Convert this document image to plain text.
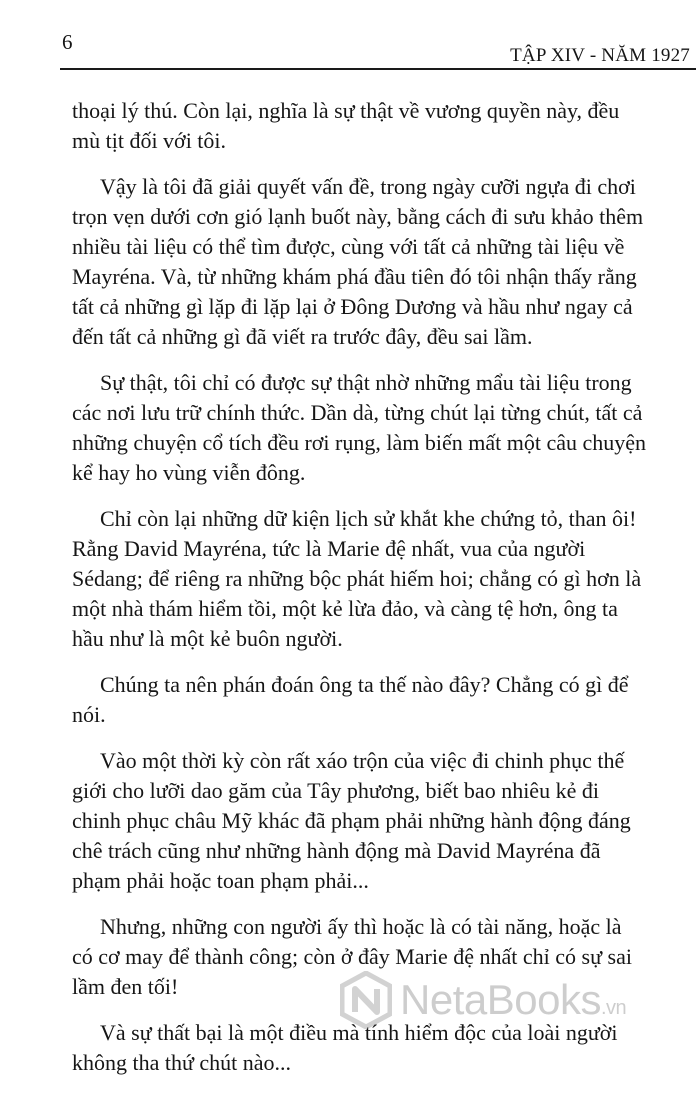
6
TẬP XIV - NĂM 1927

thoại lý thú. Còn lại, nghĩa là sự thật về vương quyền này, đều
mù tịt đối với tôi.

Vậy là tôi đã giải quyết vấn đề, trong ngày cưỡi ngựa đi chơi
trọn vẹn dưới cơn gió lạnh buốt này, bằng cách đi sưu khảo thêm
nhiều tài liệu có thể tìm được, cùng với tất cả những tài liệu về
Mayréna. Và, từ những khám phá đầu tiên đó tôi nhận thấy rằng
tất cả những gì lặp đi lặp lại ở Đông Dương và hầu như ngay cả
đến tất cả những gì đã viết ra trước đây, đều sai lầm.

Sự thật, tôi chỉ có được sự thật nhờ những mẩu tài liệu trong
các nơi lưu trữ chính thức. Dần dà, từng chút lại từng chút, tất cả
những chuyện cổ tích đều rơi rụng, làm biến mất một câu chuyện
kể hay ho vùng viễn đông.

Chỉ còn lại những dữ kiện lịch sử khắt khe chứng tỏ, than ôi!
Rằng David Mayréna, tức là Marie đệ nhất, vua của người
Sédang; để riêng ra những bộc phát hiếm hoi; chẳng có gì hơn là
một nhà thám hiểm tồi, một kẻ lừa đảo, và càng tệ hơn, ông ta
hầu như là một kẻ buôn người.

Chúng ta nên phán đoán ông ta thế nào đây? Chẳng có gì để
nói.

Vào một thời kỳ còn rất xáo trộn của việc đi chinh phục thế
giới cho lưỡi dao găm của Tây phương, biết bao nhiêu kẻ đi
chinh phục châu Mỹ khác đã phạm phải những hành động đáng
chê trách cũng như những hành động mà David Mayréna đã
phạm phải hoặc toan phạm phải...

Nhưng, những con người ấy thì hoặc là có tài năng, hoặc là
có cơ may để thành công; còn ở đây Marie đệ nhất chỉ có sự sai
lầm đen tối!

Và sự thất bại là một điều mà tính hiểm độc của loài người
không tha thứ chút nào...

NetaBooks.vn
